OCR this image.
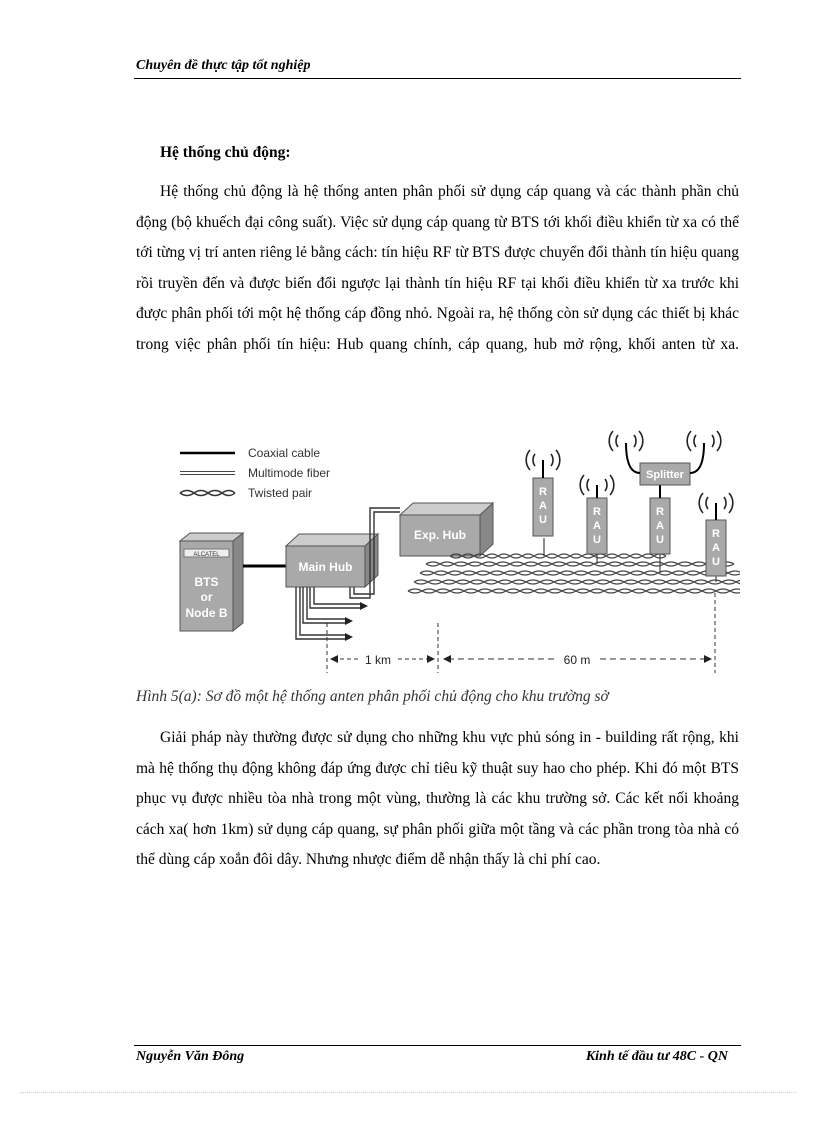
Chuyên đề thực tập tốt nghiệp
Hệ thống chủ động:

Hệ thống chủ động là hệ thống anten phân phối sử dụng cáp quang và các thành phần chủ động (bộ khuếch đại công suất). Việc sử dụng cáp quang từ BTS tới khối điều khiển từ xa có thể tới từng vị trí anten riêng lẻ bằng cách: tín hiệu RF từ BTS được chuyển đổi thành tín hiệu quang rồi truyền đến và được biến đổi ngược lại thành tín hiệu RF tại khối điều khiển từ xa trước khi được phân phối tới một hệ thống cáp đồng nhỏ. Ngoài ra, hệ thống còn sử dụng các thiết bị khác trong việc phân phối tín hiệu: Hub quang chính, cáp quang, hub mở rộng, khối anten từ xa.

Coaxial cable
Multimode fiber
Twisted pair
ALCATEL
BTS
or
Node B
Main Hub
Exp. Hub
R
A
U
R
A
U
R
A
U
Splitter
R
A
U
1 km	60 m
Hình 5(a): Sơ đồ một hệ thống anten phân phối chủ động cho khu trường sở

Giải pháp này thường được sử dụng cho những khu vực phủ sóng in - building rất rộng, khi mà hệ thống thụ động không đáp ứng được chỉ tiêu kỹ thuật suy hao cho phép. Khi đó một BTS phục vụ được nhiều tòa nhà trong một vùng, thường là các khu trường sở. Các kết nối khoảng cách xa( hơn 1km) sử dụng cáp quang, sự phân phối giữa một tầng và các phần trong tòa nhà có thể dùng cáp xoắn đôi dây. Nhưng nhược điểm dễ nhận thấy là chi phí cao.

Nguyễn Văn Đông	Kinh tế đầu tư 48C - QN
